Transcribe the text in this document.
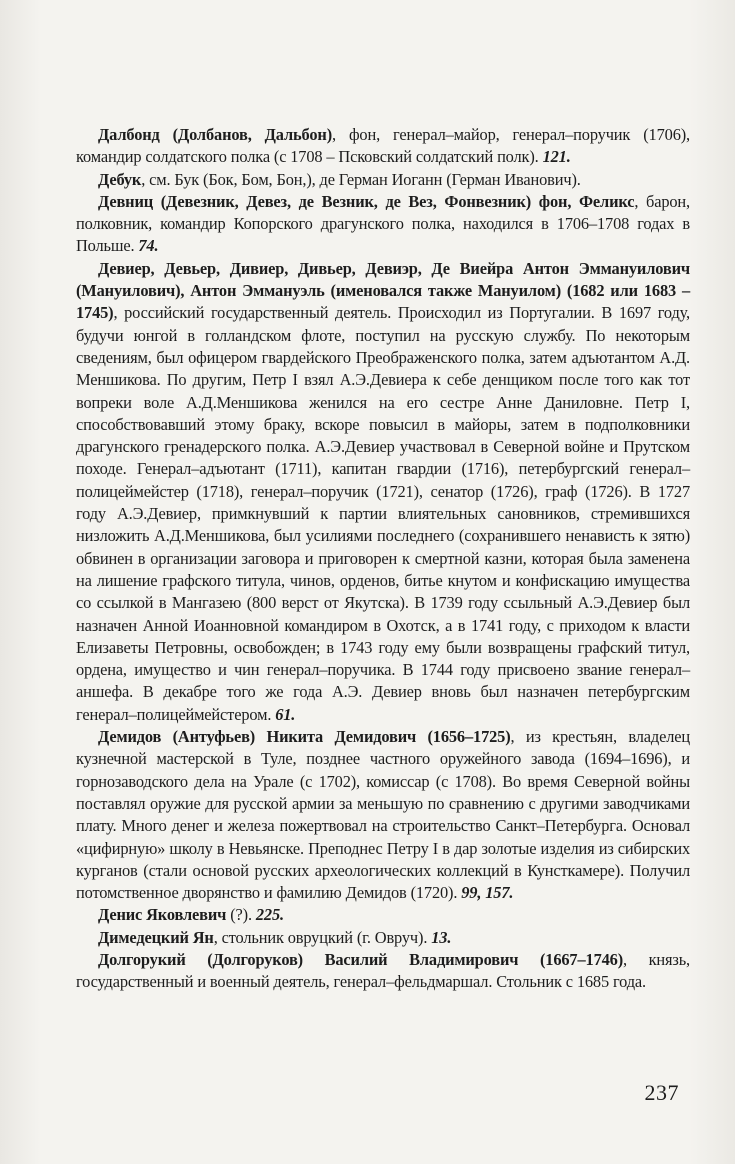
Далбонд (Долбанов, Дальбон), фон, генерал–майор, генерал–поручик (1706), командир солдатского полка (с 1708 – Псковский солдатский полк). 121.

Дебук, см. Бук (Бок, Бом, Бон,), де Герман Иоганн (Герман Иванович).

Девниц (Девезник, Девез, де Везник, де Вез, Фонвезник) фон, Феликс, барон, полковник, командир Копорского драгунского полка, находился в 1706–1708 годах в Польше. 74.

Девиер, Девьер, Дивиер, Дивьер, Девиэр, Де Виейра Антон Эммануилович (Мануилович), Антон Эммануэль (именовался также Мануилом) (1682 или 1683 – 1745), российский государственный деятель. Происходил из Португалии. В 1697 году, будучи юнгой в голландском флоте, поступил на русскую службу. По некоторым сведениям, был офицером гвардейского Преображенского полка, затем адъютантом А.Д. Меншикова. По другим, Петр I взял А.Э.Девиера к себе денщиком после того как тот вопреки воле А.Д.Меншикова женился на его сестре Анне Даниловне. Петр I, способствовавший этому браку, вскоре повысил в майоры, затем в подполковники драгунского гренадерского полка. А.Э.Девиер участвовал в Северной войне и Прутском походе. Генерал–адъютант (1711), капитан гвардии (1716), петербургский генерал–полицеймейстер (1718), генерал–поручик (1721), сенатор (1726), граф (1726). В 1727 году А.Э.Девиер, примкнувший к партии влиятельных сановников, стремившихся низложить А.Д.Меншикова, был усилиями последнего (сохранившего ненависть к зятю) обвинен в организации заговора и приговорен к смертной казни, которая была заменена на лишение графского титула, чинов, орденов, битье кнутом и конфискацию имущества со ссылкой в Мангазею (800 верст от Якутска). В 1739 году ссыльный А.Э.Девиер был назначен Анной Иоанновной командиром в Охотск, а в 1741 году, с приходом к власти Елизаветы Петровны, освобожден; в 1743 году ему были возвращены графский титул, ордена, имущество и чин генерал–поручика. В 1744 году присвоено звание генерал–аншефа. В декабре того же года А.Э. Девиер вновь был назначен петербургским генерал–полицеймейстером. 61.

Демидов (Антуфьев) Никита Демидович (1656–1725), из крестьян, владелец кузнечной мастерской в Туле, позднее частного оружейного завода (1694–1696), и горнозаводского дела на Урале (с 1702), комиссар (с 1708). Во время Северной войны поставлял оружие для русской армии за меньшую по сравнению с другими заводчиками плату. Много денег и железа пожертвовал на строительство Санкт–Петербурга. Основал «цифирную» школу в Невьянске. Преподнес Петру I в дар золотые изделия из сибирских курганов (стали основой русских археологических коллекций в Кунсткамере). Получил потомственное дворянство и фамилию Демидов (1720). 99, 157.

Денис Яковлевич (?). 225.

Димедецкий Ян, стольник овруцкий (г. Овруч). 13.

Долгорукий (Долгоруков) Василий Владимирович (1667–1746), князь, государственный и военный деятель, генерал–фельдмаршал. Стольник с 1685 года.

237
